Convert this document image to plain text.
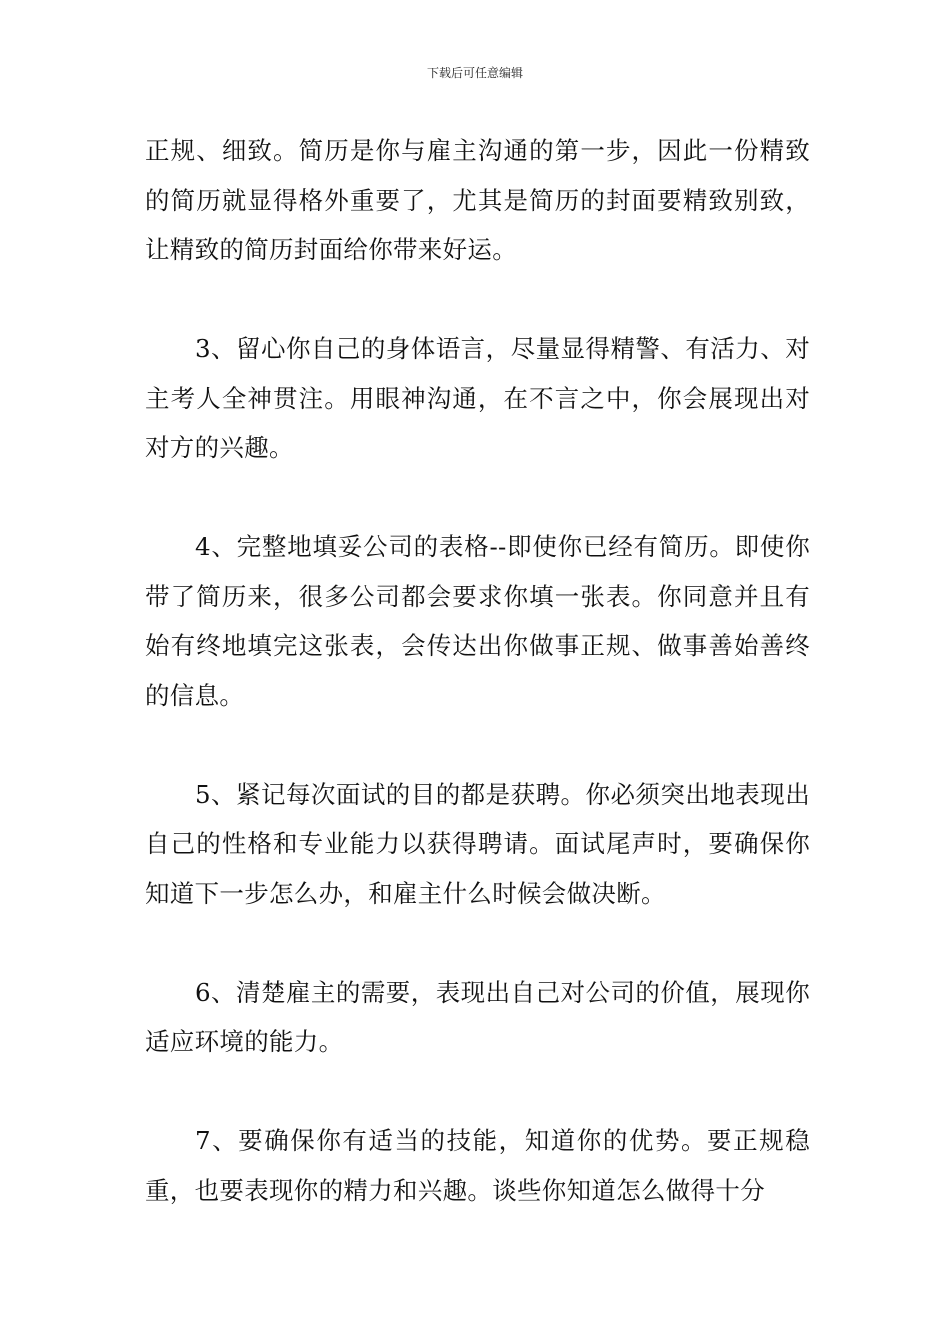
下载后可任意编辑

正规、细致。简历是你与雇主沟通的第一步，因此一份精致的简历就显得格外重要了，尤其是简历的封面要精致别致，让精致的简历封面给你带来好运。

3、留心你自己的身体语言，尽量显得精警、有活力、对主考人全神贯注。用眼神沟通，在不言之中，你会展现出对对方的兴趣。

4、完整地填妥公司的表格--即使你已经有简历。即使你带了简历来，很多公司都会要求你填一张表。你同意并且有始有终地填完这张表，会传达出你做事正规、做事善始善终的信息。

5、紧记每次面试的目的都是获聘。你必须突出地表现出自己的性格和专业能力以获得聘请。面试尾声时，要确保你知道下一步怎么办，和雇主什么时候会做决断。

6、清楚雇主的需要，表现出自己对公司的价值，展现你适应环境的能力。

7、要确保你有适当的技能，知道你的优势。要正规稳重，也要表现你的精力和兴趣。谈些你知道怎么做得十分
